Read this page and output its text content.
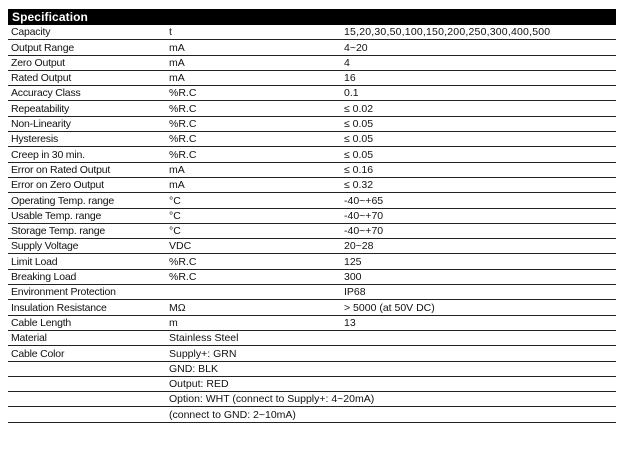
Specification
Capacity	t	15,20,30,50,100,150,200,250,300,400,500
Output Range	mA	4~20
Zero Output	mA	4
Rated Output	mA	16
Accuracy Class	%R.C	0.1
Repeatability	%R.C	≤ 0.02
Non-Linearity	%R.C	≤ 0.05
Hysteresis	%R.C	≤ 0.05
Creep in 30 min.	%R.C	≤ 0.05
Error on Rated Output	mA	≤ 0.16
Error on Zero Output	mA	≤ 0.32
Operating Temp. range	°C	-40~+65
Usable Temp. range	°C	-40~+70
Storage Temp. range	°C	-40~+70
Supply Voltage	VDC	20~28
Limit Load	%R.C	125
Breaking Load	%R.C	300
Environment Protection		IP68
Insulation Resistance	MΩ	> 5000 (at 50V DC)
Cable Length	m	13
Material	Stainless Steel	
Cable Color	Supply+: GRN	
	GND: BLK	
	Output: RED	
	Option: WHT (connect to Supply+: 4~20mA)	
	(connect to GND: 2~10mA)	
